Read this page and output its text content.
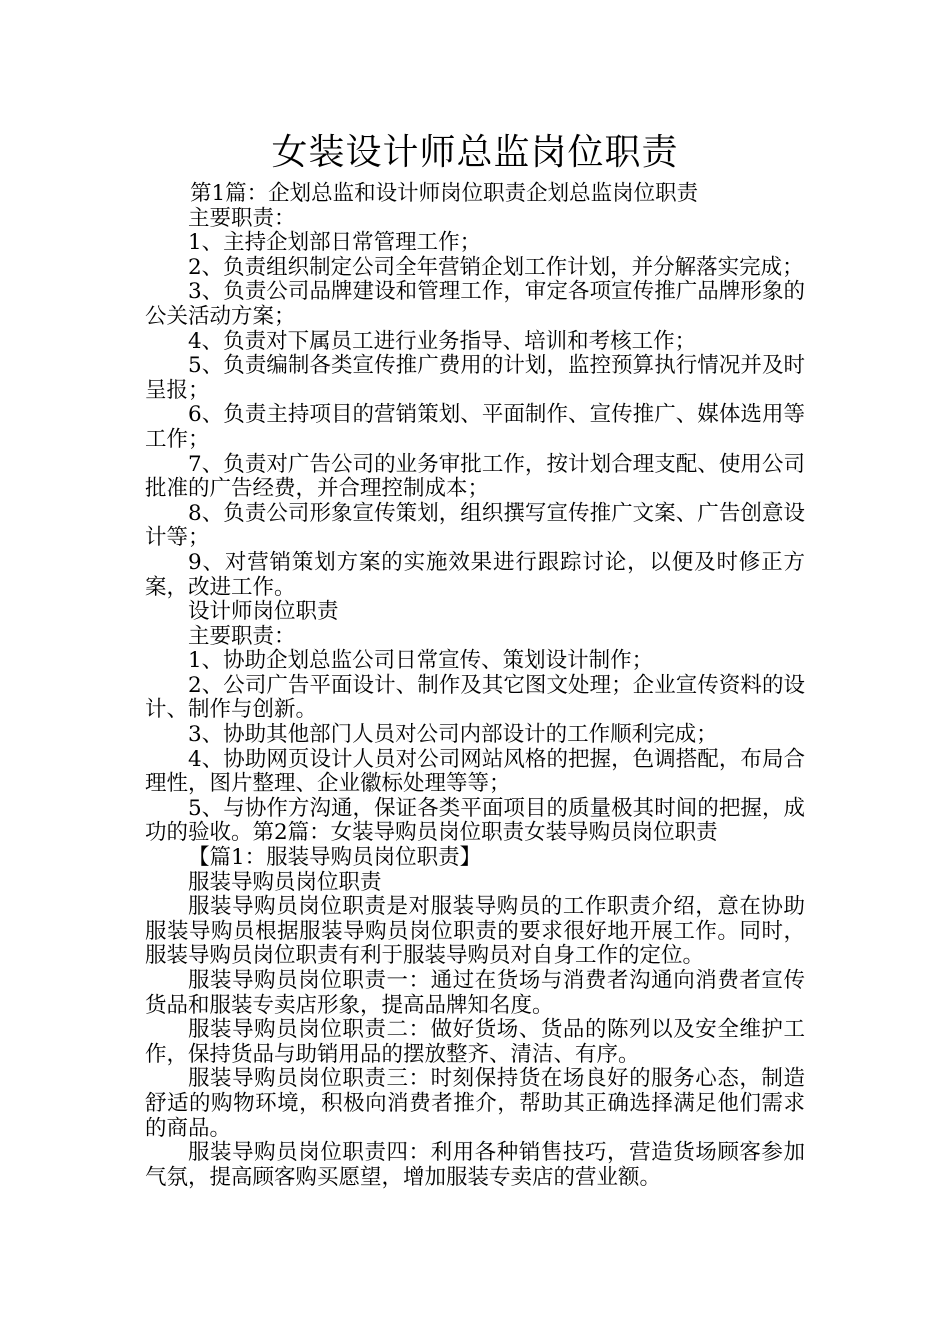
女装设计师总监岗位职责

第1篇：企划总监和设计师岗位职责企划总监岗位职责

主要职责：

1、主持企划部日常管理工作；

2、负责组织制定公司全年营销企划工作计划，并分解落实完成；

3、负责公司品牌建设和管理工作，审定各项宣传推广品牌形象的公关活动方案；

4、负责对下属员工进行业务指导、培训和考核工作；

5、负责编制各类宣传推广费用的计划，监控预算执行情况并及时呈报；

6、负责主持项目的营销策划、平面制作、宣传推广、媒体选用等工作；

7、负责对广告公司的业务审批工作，按计划合理支配、使用公司批准的广告经费，并合理控制成本；

8、负责公司形象宣传策划，组织撰写宣传推广文案、广告创意设计等；

9、对营销策划方案的实施效果进行跟踪讨论，以便及时修正方案，改进工作。

设计师岗位职责

主要职责：

1、协助企划总监公司日常宣传、策划设计制作；

2、公司广告平面设计、制作及其它图文处理；企业宣传资料的设计、制作与创新。

3、协助其他部门人员对公司内部设计的工作顺利完成；

4、协助网页设计人员对公司网站风格的把握，色调搭配，布局合理性，图片整理、企业徽标处理等等；

5、与协作方沟通，保证各类平面项目的质量极其时间的把握，成功的验收。第2篇：女装导购员岗位职责女装导购员岗位职责

【篇1：服装导购员岗位职责】

服装导购员岗位职责

服装导购员岗位职责是对服装导购员的工作职责介绍，意在协助服装导购员根据服装导购员岗位职责的要求很好地开展工作。同时，服装导购员岗位职责有利于服装导购员对自身工作的定位。

服装导购员岗位职责一：通过在货场与消费者沟通向消费者宣传货品和服装专卖店形象，提高品牌知名度。

服装导购员岗位职责二：做好货场、货品的陈列以及安全维护工作，保持货品与助销用品的摆放整齐、清洁、有序。

服装导购员岗位职责三：时刻保持货在场良好的服务心态，制造舒适的购物环境，积极向消费者推介，帮助其正确选择满足他们需求的商品。

服装导购员岗位职责四：利用各种销售技巧，营造货场顾客参加气氛，提高顾客购买愿望，增加服装专卖店的营业额。
